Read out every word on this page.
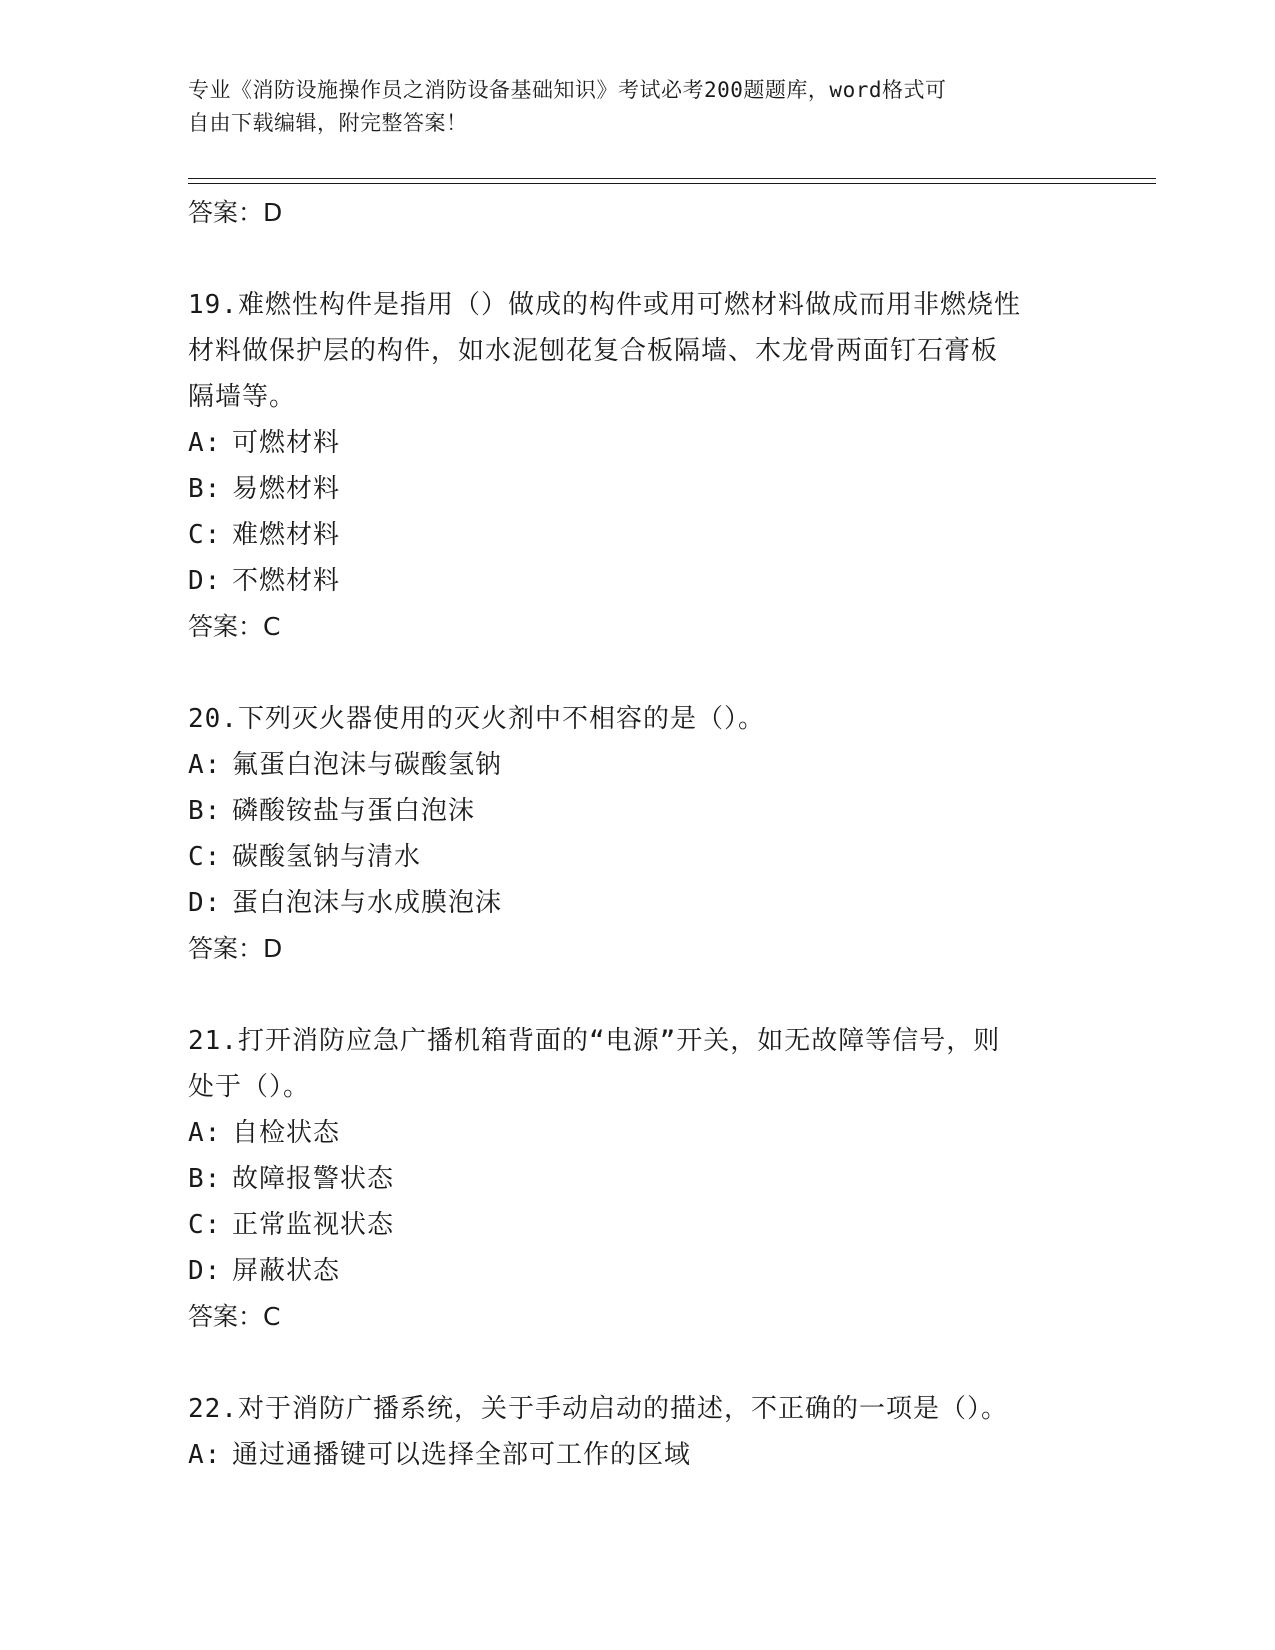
专业《消防设施操作员之消防设备基础知识》考试必考200题题库，word格式可
自由下载编辑，附完整答案！
答案：D
19.难燃性构件是指用（）做成的构件或用可燃材料做成而用非燃烧性
材料做保护层的构件，如水泥刨花复合板隔墙、木龙骨两面钉石膏板
隔墙等。
A: 可燃材料
B: 易燃材料
C: 难燃材料
D: 不燃材料
答案：C
20.下列灭火器使用的灭火剂中不相容的是（）。
A: 氟蛋白泡沫与碳酸氢钠
B: 磷酸铵盐与蛋白泡沫
C: 碳酸氢钠与清水
D: 蛋白泡沫与水成膜泡沫
答案：D
21.打开消防应急广播机箱背面的“电源”开关，如无故障等信号，则
处于（）。
A: 自检状态
B: 故障报警状态
C: 正常监视状态
D: 屏蔽状态
答案：C
22.对于消防广播系统，关于手动启动的描述，不正确的一项是（）。
A: 通过通播键可以选择全部可工作的区域
